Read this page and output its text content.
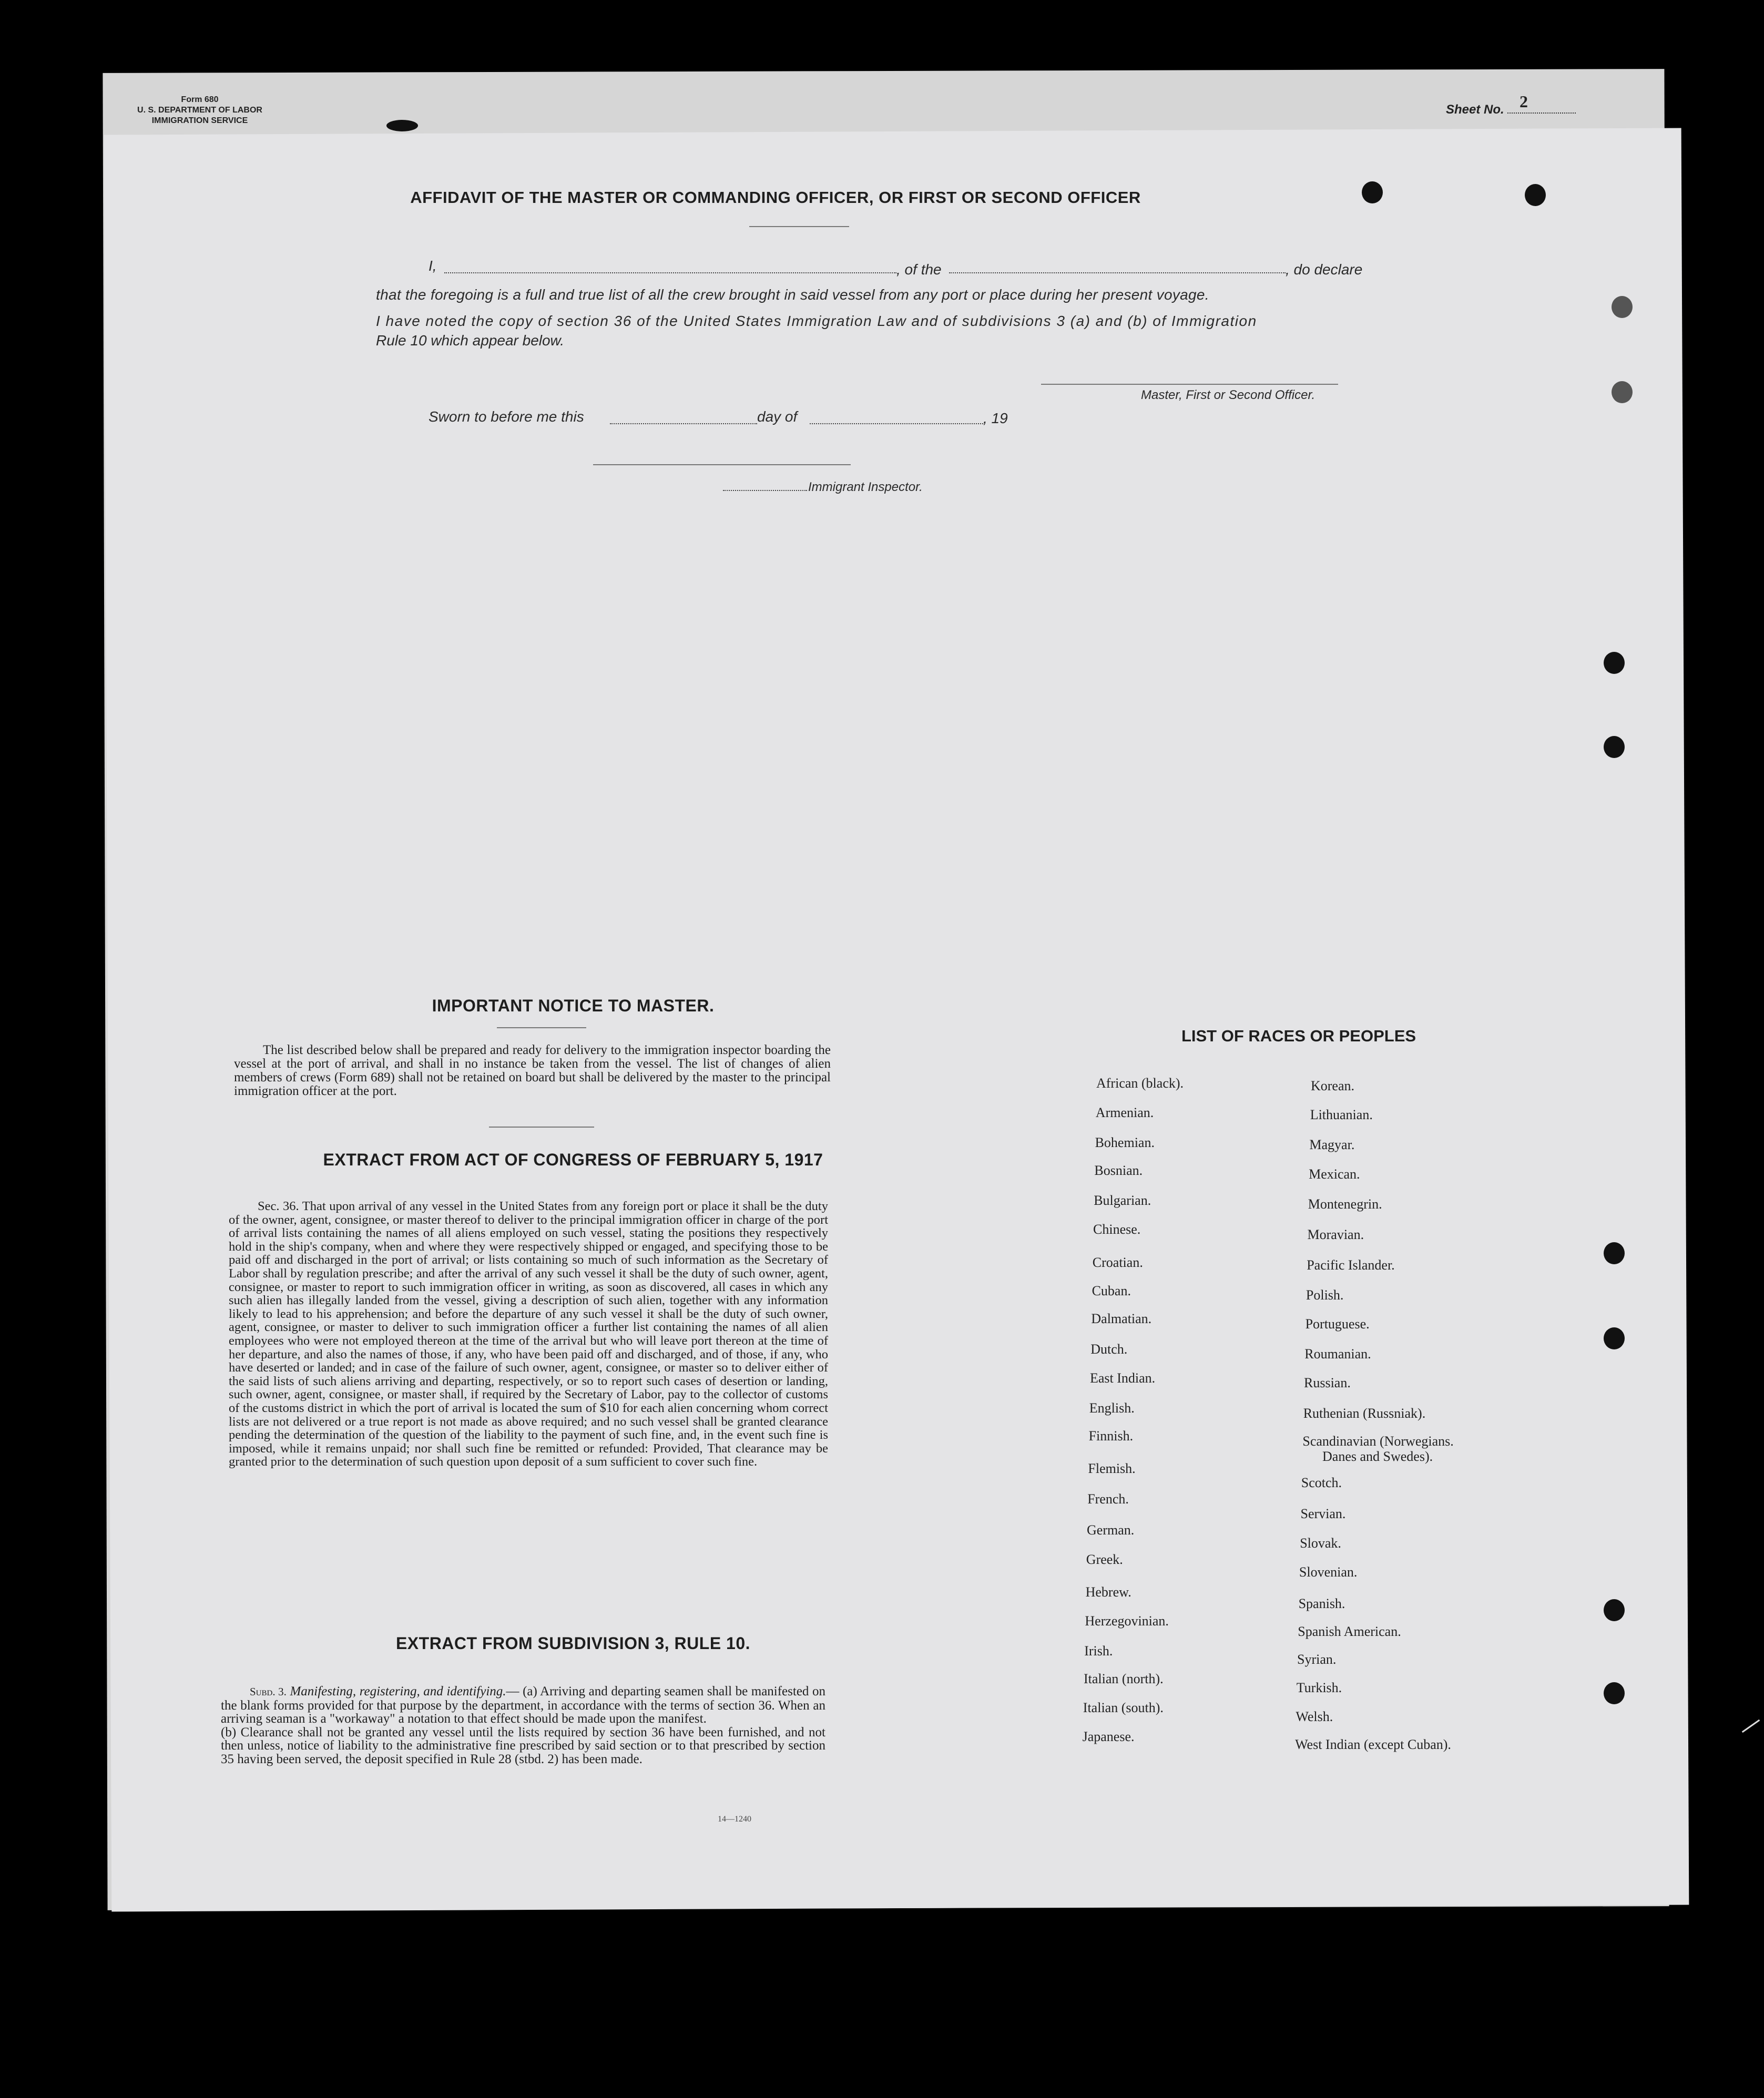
Form 680
U. S. DEPARTMENT OF LABOR
IMMIGRATION SERVICE
Sheet No. 2
AFFIDAVIT OF THE MASTER OR COMMANDING OFFICER, OR FIRST OR SECOND OFFICER
I,	, of the	, do declare
that the foregoing is a full and true list of all the crew brought in said vessel from any port or place during her present voyage.
I have noted the copy of section 36 of the United States Immigration Law and of subdivisions 3 (a) and (b) of Immigration
Rule 10 which appear below.
Master, First or Second Officer.
Sworn to before me this	day of	, 19
Immigrant Inspector.
IMPORTANT NOTICE TO MASTER.

The list described below shall be prepared and ready for delivery to the immigration inspector boarding the vessel at the port of arrival, and shall in no instance be taken from the vessel. The list of changes of alien members of crews (Form 689) shall not be retained on board but shall be delivered by the master to the principal immigration officer at the port.

EXTRACT FROM ACT OF CONGRESS OF FEBRUARY 5, 1917

Sec. 36. That upon arrival of any vessel in the United States from any foreign port or place it shall be the duty of the owner, agent, consignee, or master thereof to deliver to the principal immigration officer in charge of the port of arrival lists containing the names of all aliens employed on such vessel, stating the positions they respectively hold in the ship's company, when and where they were respectively shipped or engaged, and specifying those to be paid off and discharged in the port of arrival; or lists containing so much of such information as the Secretary of Labor shall by regulation prescribe; and after the arrival of any such vessel it shall be the duty of such owner, agent, consignee, or master to report to such immigration officer in writing, as soon as discovered, all cases in which any such alien has illegally landed from the vessel, giving a description of such alien, together with any information likely to lead to his apprehension; and before the departure of any such vessel it shall be the duty of such owner, agent, consignee, or master to deliver to such immigration officer a further list containing the names of all alien employees who were not employed thereon at the time of the arrival but who will leave port thereon at the time of her departure, and also the names of those, if any, who have been paid off and discharged, and of those, if any, who have deserted or landed; and in case of the failure of such owner, agent, consignee, or master so to deliver either of the said lists of such aliens arriving and departing, respectively, or so to report such cases of desertion or landing, such owner, agent, consignee, or master shall, if required by the Secretary of Labor, pay to the collector of customs of the customs district in which the port of arrival is located the sum of $10 for each alien concerning whom correct lists are not delivered or a true report is not made as above required; and no such vessel shall be granted clearance pending the determination of the question of the liability to the payment of such fine, and, in the event such fine is imposed, while it remains unpaid; nor shall such fine be remitted or refunded: Provided, That clearance may be granted prior to the determination of such question upon deposit of a sum sufficient to cover such fine.

EXTRACT FROM SUBDIVISION 3, RULE 10.

Subd. 3. Manifesting, registering, and identifying.— (a) Arriving and departing seamen shall be manifested on the blank forms provided for that purpose by the department, in accordance with the terms of section 36. When an arriving seaman is a "workaway" a notation to that effect should be made upon the manifest.

(b) Clearance shall not be granted any vessel until the lists required by section 36 have been furnished, and not then unless, notice of liability to the administrative fine prescribed by said section or to that prescribed by section 35 having been served, the deposit specified in Rule 28 (stbd. 2) has been made.

14—1240
LIST OF RACES OR PEOPLES
African (black).
Armenian.
Bohemian.
Bosnian.
Bulgarian.
Chinese.
Croatian.
Cuban.
Dalmatian.
Dutch.
East Indian.
English.
Finnish.
Flemish.
French.
German.
Greek.
Hebrew.
Herzegovinian.
Irish.
Italian (north).
Italian (south).
Japanese.
Korean.
Lithuanian.
Magyar.
Mexican.
Montenegrin.
Moravian.
Pacific Islander.
Polish.
Portuguese.
Roumanian.
Russian.
Ruthenian (Russniak).
Scandinavian (Norwegians.
Danes and Swedes).
Scotch.
Servian.
Slovak.
Slovenian.
Spanish.
Spanish American.
Syrian.
Turkish.
Welsh.
West Indian (except Cuban).
